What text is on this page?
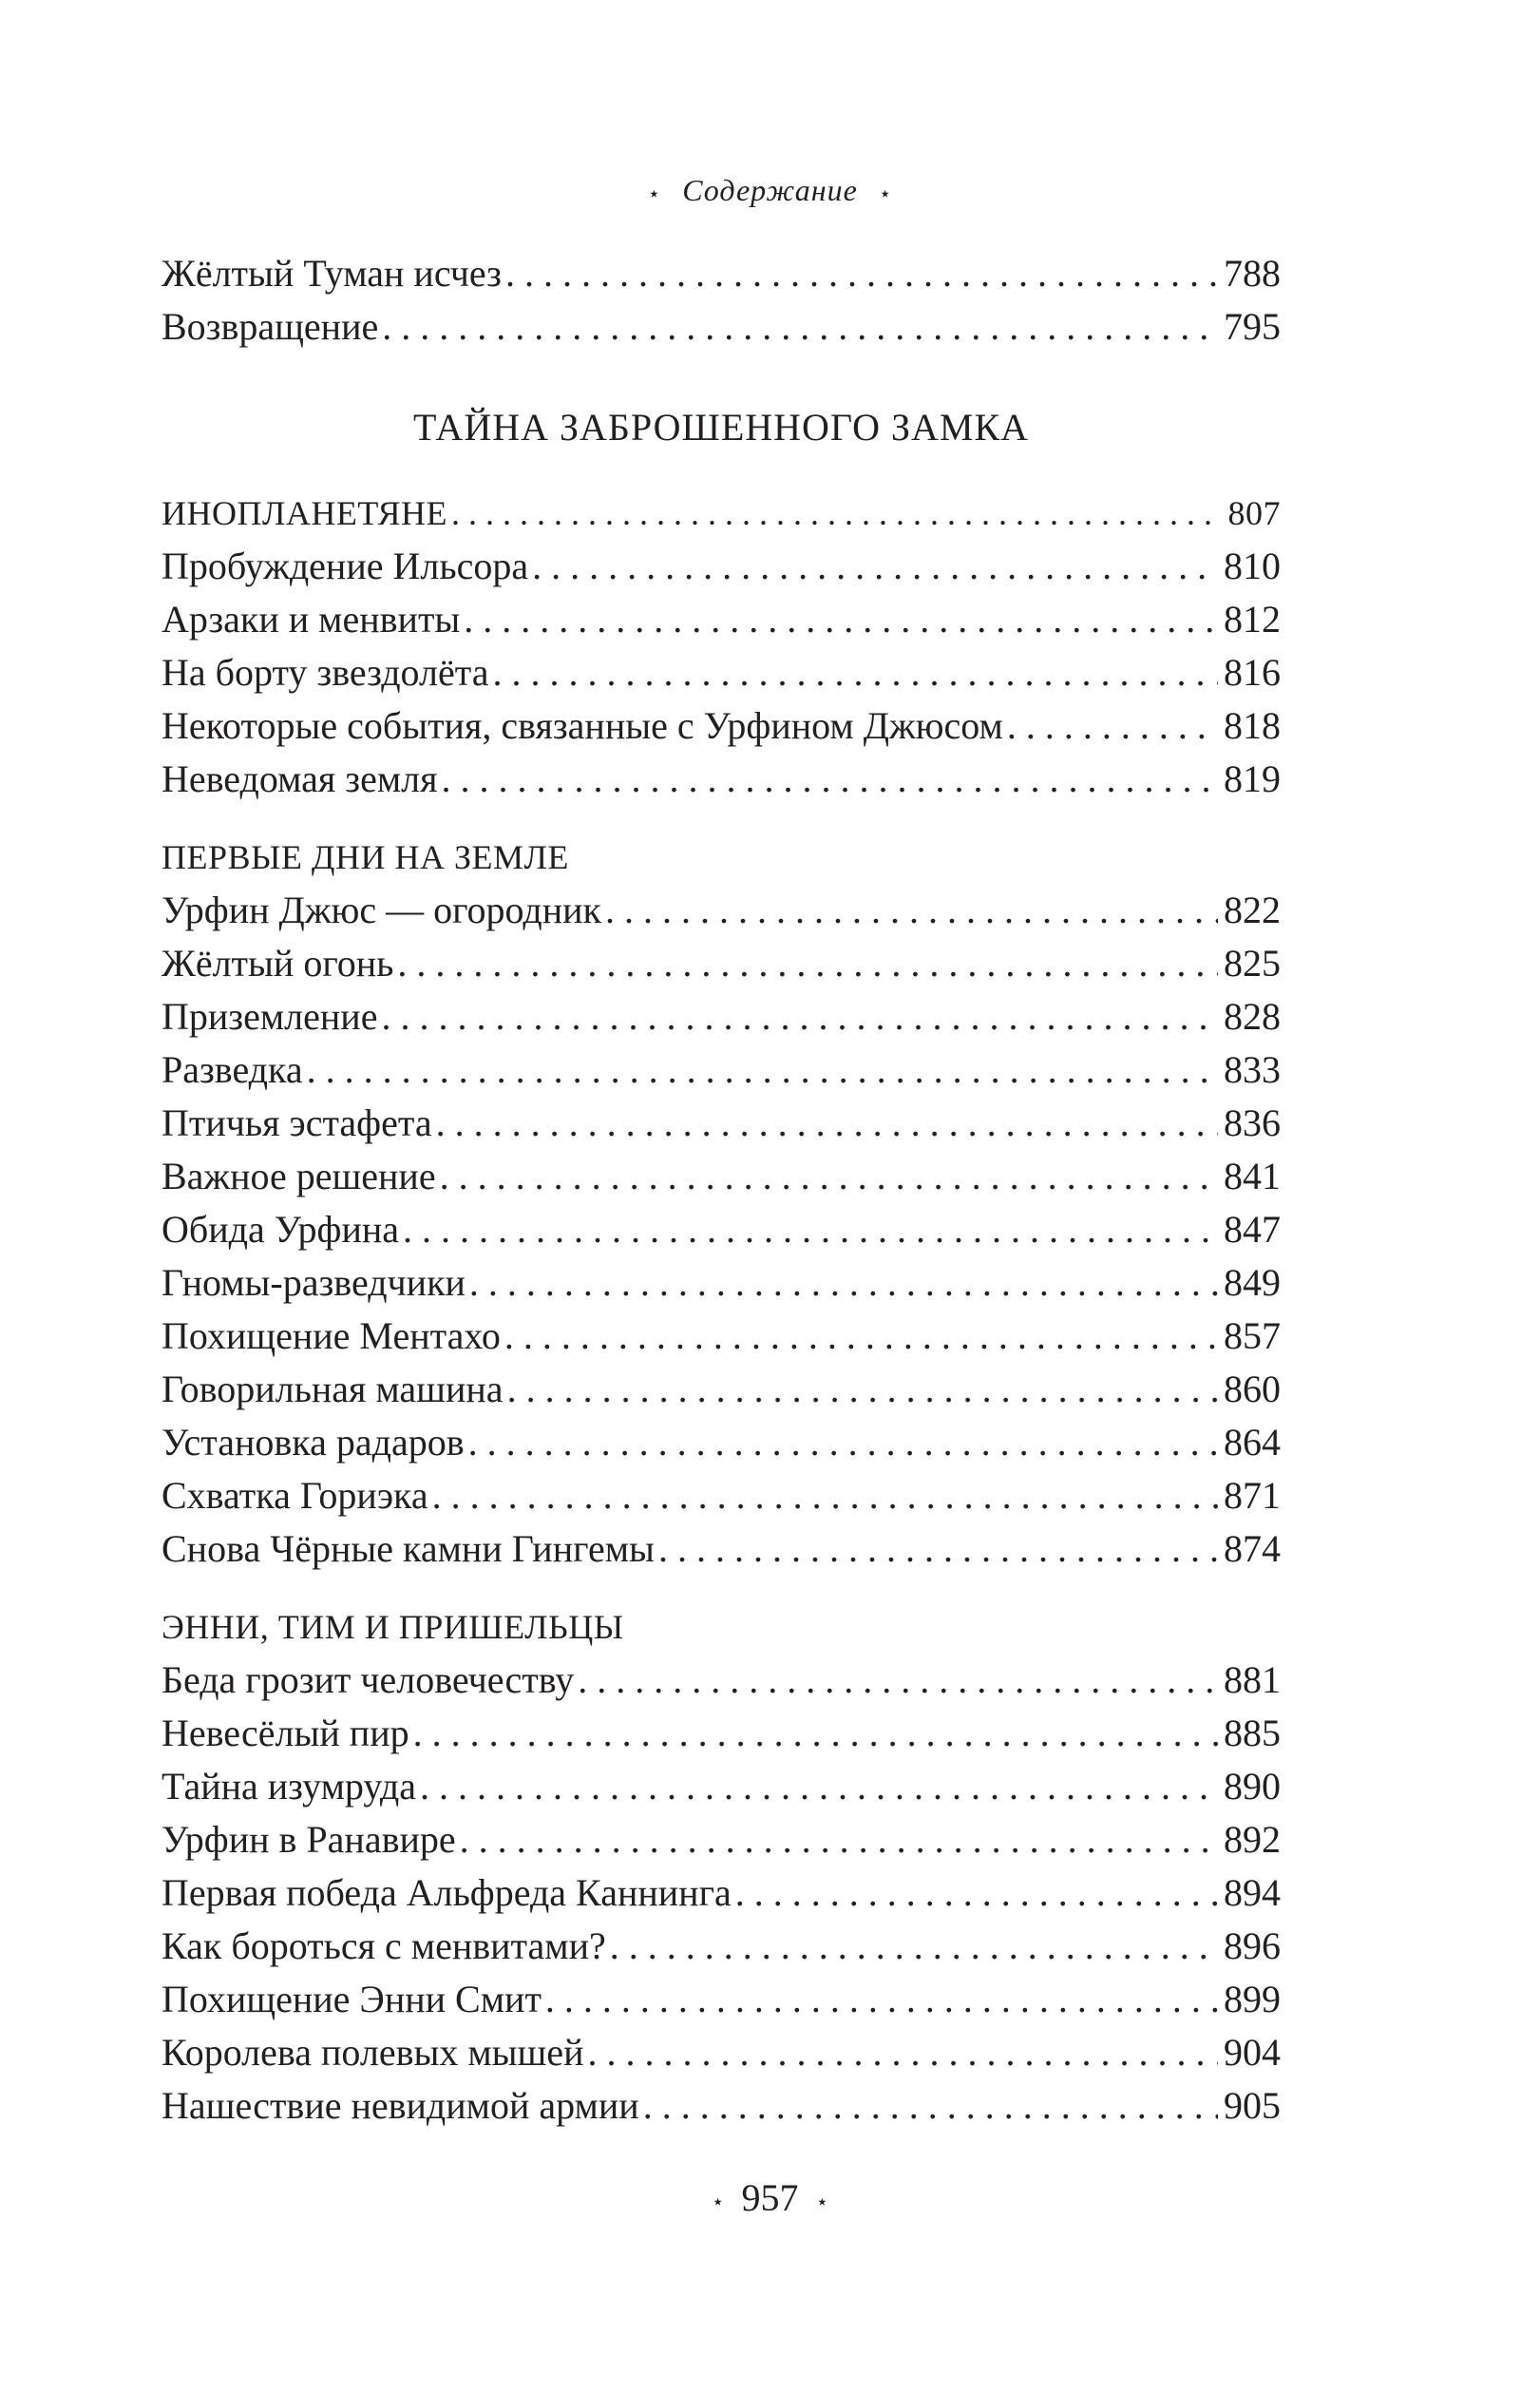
⋆ Содержание ⋆
Жёлтый Туман исчез . . .	788
Возвращение . . .	795
ТАЙНА ЗАБРОШЕННОГО ЗАМКА
ИНОПЛАНЕТЯНЕ . . .	807
Пробуждение Ильсора . . .	810
Арзаки и менвиты . . .	812
На борту звездолёта . . .	816
Некоторые события, связанные с Урфином Джюсом . . .	818
Неведомая земля . . .	819
ПЕРВЫЕ ДНИ НА ЗЕМЛЕ
Урфин Джюс — огородник . . .	822
Жёлтый огонь . . .	825
Приземление . . .	828
Разведка . . .	833
Птичья эстафета . . .	836
Важное решение . . .	841
Обида Урфина . . .	847
Гномы-разведчики . . .	849
Похищение Ментахо . . .	857
Говорильная машина . . .	860
Установка радаров . . .	864
Схватка Гориэка . . .	871
Снова Чёрные камни Гингемы . . .	874
ЭННИ, ТИМ И ПРИШЕЛЬЦЫ
Беда грозит человечеству . . .	881
Невесёлый пир . . .	885
Тайна изумруда . . .	890
Урфин в Ранавире . . .	892
Первая победа Альфреда Каннинга . . .	894
Как бороться с менвитами? . . .	896
Похищение Энни Смит . . .	899
Королева полевых мышей . . .	904
Нашествие невидимой армии . . .	905
⋆ 957 ⋆
